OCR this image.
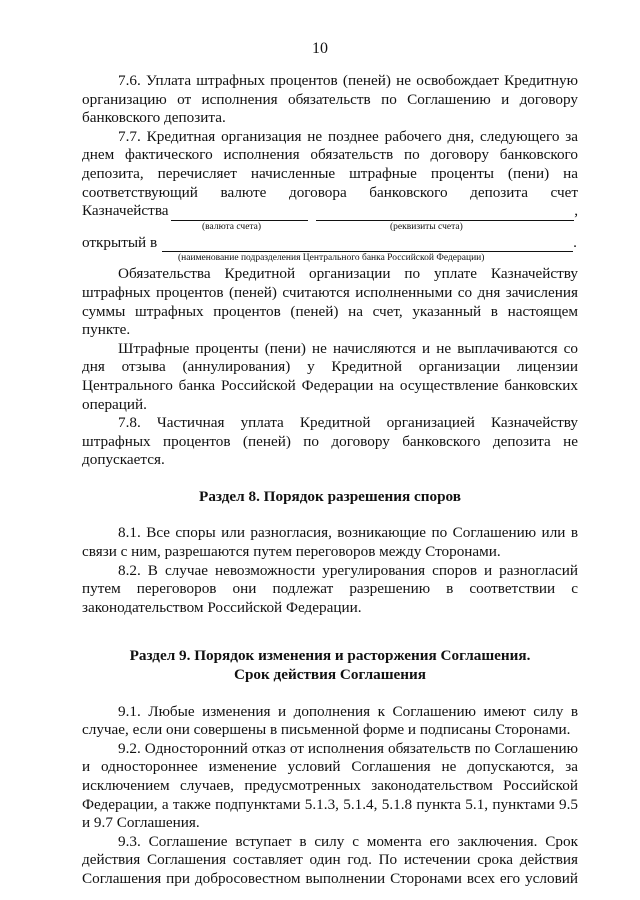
10

7.6. Уплата штрафных процентов (пеней) не освобождает Кредитную организацию от исполнения обязательств по Соглашению и договору банковского депозита.

7.7. Кредитная организация не позднее рабочего дня, следующего за днем фактического исполнения обязательств по договору банковского депозита, перечисляет начисленные штрафные проценты (пени) на соответствующий валюте договора банковского депозита счет

Казначейства	,
(валюта счета)	(реквизиты счета)
открытый в	.
(наименование подразделения Центрального банка Российской Федерации)

Обязательства Кредитной организации по уплате Казначейству штрафных процентов (пеней) считаются исполненными со дня зачисления суммы штрафных процентов (пеней) на счет, указанный в настоящем пункте.

Штрафные проценты (пени) не начисляются и не выплачиваются со дня отзыва (аннулирования) у Кредитной организации лицензии Центрального банка Российской Федерации на осуществление банковских операций.

7.8. Частичная уплата Кредитной организацией Казначейству штрафных процентов (пеней) по договору банковского депозита не допускается.

Раздел 8. Порядок разрешения споров

8.1. Все споры или разногласия, возникающие по Соглашению или в связи с ним, разрешаются путем переговоров между Сторонами.

8.2. В случае невозможности урегулирования споров и разногласий путем переговоров они подлежат разрешению в соответствии с законодательством Российской Федерации.

Раздел 9. Порядок изменения и расторжения Соглашения.

Срок действия Соглашения

9.1. Любые изменения и дополнения к Соглашению имеют силу в случае, если они совершены в письменной форме и подписаны Сторонами.

9.2. Односторонний отказ от исполнения обязательств по Соглашению и одностороннее изменение условий Соглашения не допускаются, за исключением случаев, предусмотренных законодательством Российской Федерации, а также подпунктами 5.1.3, 5.1.4, 5.1.8 пункта 5.1, пунктами 9.5 и 9.7 Соглашения.

9.3. Соглашение вступает в силу с момента его заключения. Срок действия Соглашения составляет один год. По истечении срока действия Соглашения при добросовестном выполнении Сторонами всех его условий
